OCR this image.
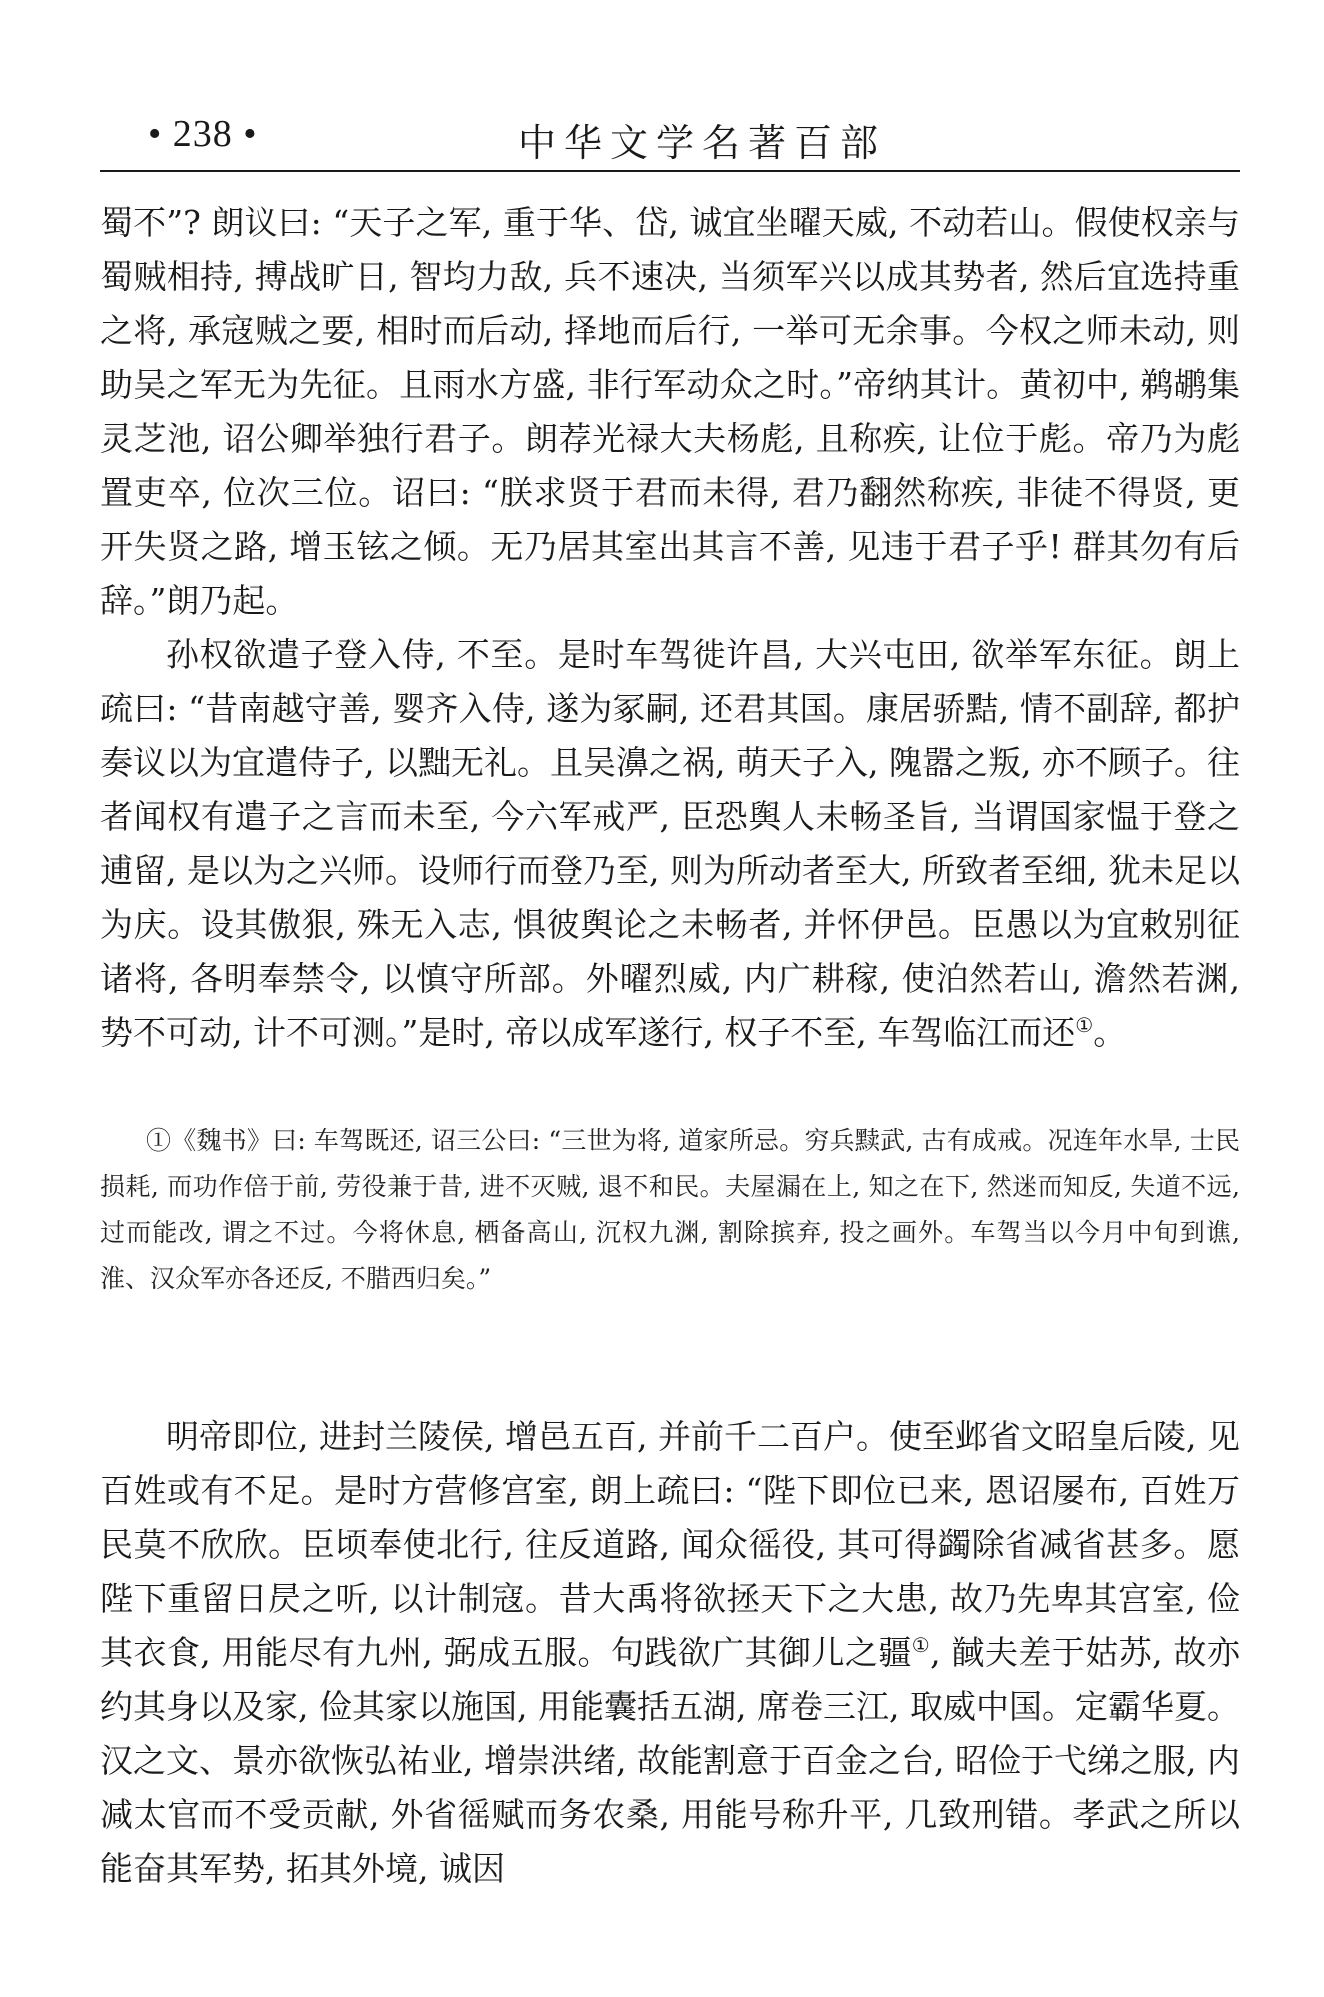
• 238 •	中华文学名著百部

蜀不”? 朗议曰: “天子之军, 重于华、岱, 诚宜坐曜天威, 不动若山。假使权亲与蜀贼相持, 搏战旷日, 智均力敌, 兵不速决, 当须军兴以成其势者, 然后宜选持重之将, 承寇贼之要, 相时而后动, 择地而后行, 一举可无余事。今权之师未动, 则助吴之军无为先征。且雨水方盛, 非行军动众之时。”帝纳其计。黄初中, 鹈鹕集灵芝池, 诏公卿举独行君子。朗荐光禄大夫杨彪, 且称疾, 让位于彪。帝乃为彪置吏卒, 位次三位。诏曰: “朕求贤于君而未得, 君乃翻然称疾, 非徒不得贤, 更开失贤之路, 增玉铉之倾。无乃居其室出其言不善, 见违于君子乎! 群其勿有后辞。”朗乃起。

孙权欲遣子登入侍, 不至。是时车驾徙许昌, 大兴屯田, 欲举军东征。朗上疏曰: “昔南越守善, 婴齐入侍, 遂为冢嗣, 还君其国。康居骄黠, 情不副辞, 都护奏议以为宜遣侍子, 以黜无礼。且吴濞之祸, 萌天子入, 隗嚣之叛, 亦不顾子。往者闻权有遣子之言而未至, 今六军戒严, 臣恐舆人未畅圣旨, 当谓国家愠于登之逋留, 是以为之兴师。设师行而登乃至, 则为所动者至大, 所致者至细, 犹未足以为庆。设其傲狠, 殊无入志, 惧彼舆论之未畅者, 并怀伊邑。臣愚以为宜敕别征诸将, 各明奉禁令, 以慎守所部。外曜烈威, 内广耕稼, 使泊然若山, 澹然若渊, 势不可动, 计不可测。”是时, 帝以成军遂行, 权子不至, 车驾临江而还①。

①《魏书》曰: 车驾既还, 诏三公曰: “三世为将, 道家所忌。穷兵黩武, 古有成戒。况连年水旱, 士民损耗, 而功作倍于前, 劳役兼于昔, 进不灭贼, 退不和民。夫屋漏在上, 知之在下, 然迷而知反, 失道不远, 过而能改, 谓之不过。今将休息, 栖备高山, 沉权九渊, 割除摈弃, 投之画外。车驾当以今月中旬到谯, 淮、汉众军亦各还反, 不腊西归矣。”

明帝即位, 进封兰陵侯, 增邑五百, 并前千二百户。使至邺省文昭皇后陵, 见百姓或有不足。是时方营修宫室, 朗上疏曰: “陛下即位已来, 恩诏屡布, 百姓万民莫不欣欣。臣顷奉使北行, 往反道路, 闻众徭役, 其可得蠲除省减省甚多。愿陛下重留日昃之听, 以计制寇。昔大禹将欲拯天下之大患, 故乃先卑其宫室, 俭其衣食, 用能尽有九州, 弼成五服。句践欲广其御儿之疆①, 馘夫差于姑苏, 故亦约其身以及家, 俭其家以施国, 用能囊括五湖, 席卷三江, 取威中国。定霸华夏。汉之文、景亦欲恢弘祐业, 增崇洪绪, 故能割意于百金之台, 昭俭于弋绨之服, 内减太官而不受贡献, 外省徭赋而务农桑, 用能号称升平, 几致刑错。孝武之所以能奋其军势, 拓其外境, 诚因
